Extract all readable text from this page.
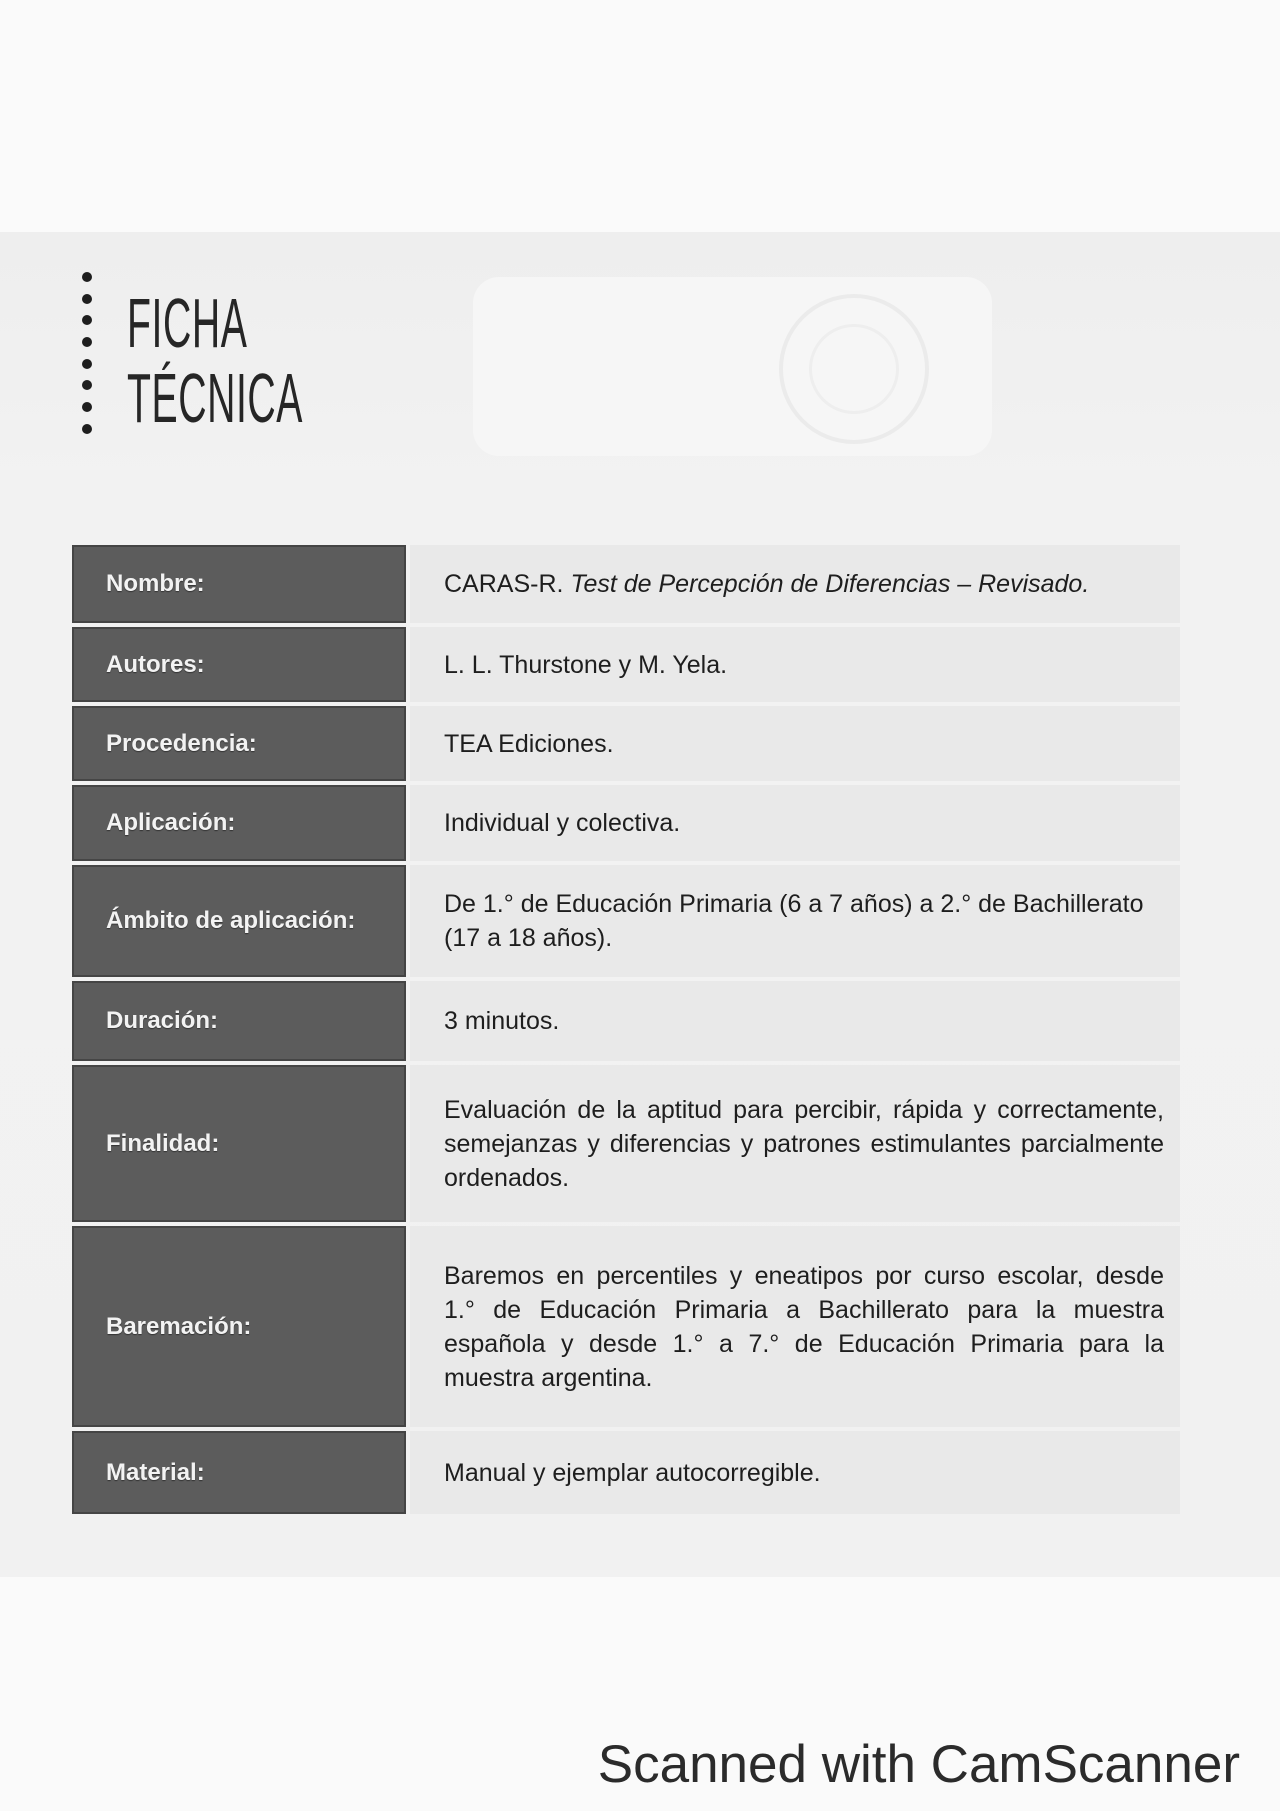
FICHA
TÉCNICA
Nombre:	CARAS-R. Test de Percepción de Diferencias – Revisado.
Autores:	L. L. Thurstone y M. Yela.
Procedencia:	TEA Ediciones.
Aplicación:	Individual y colectiva.
Ámbito de aplicación:
De 1.° de Educación Primaria (6 a 7 años) a 2.° de Bachillerato
(17 a 18 años).
Duración:	3 minutos.
Finalidad:
Evaluación de la aptitud para percibir, rápida y correctamente,
semejanzas y diferencias y patrones estimulantes parcialmente
ordenados.
Baremación:
Baremos en percentiles y eneatipos por curso escolar, desde
1.° de Educación Primaria a Bachillerato para la muestra
española y desde 1.° a 7.° de Educación Primaria para la
muestra argentina.
Material:	Manual y ejemplar autocorregible.
Scanned with CamScanner
